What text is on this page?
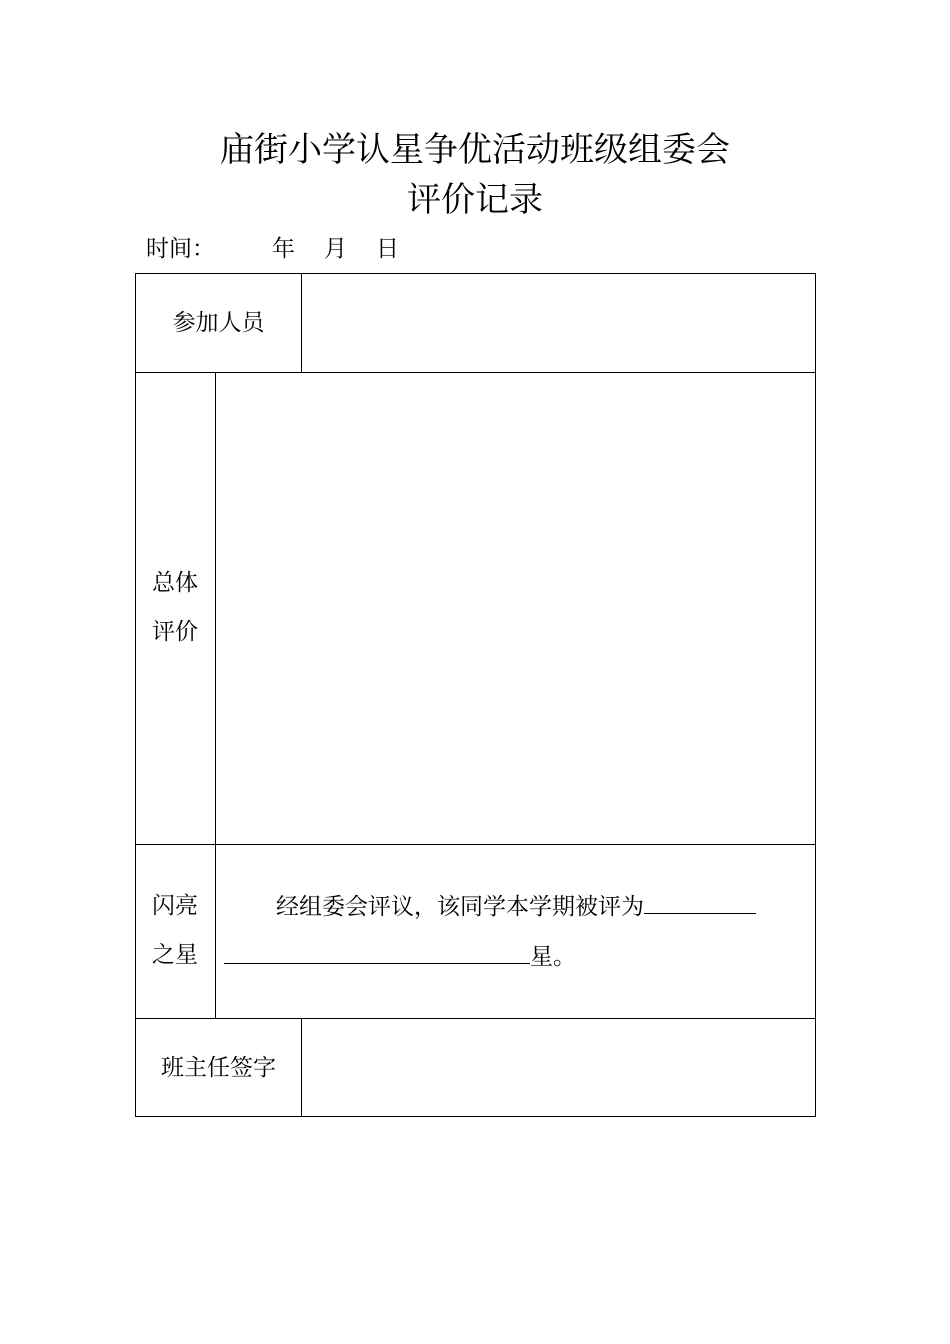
庙街小学认星争优活动班级组委会
评价记录
时间： 年 月 日
参加人员
总体
评价
闪亮
之星
经组委会评议，该同学本学期被评为
星。
班主任签字
